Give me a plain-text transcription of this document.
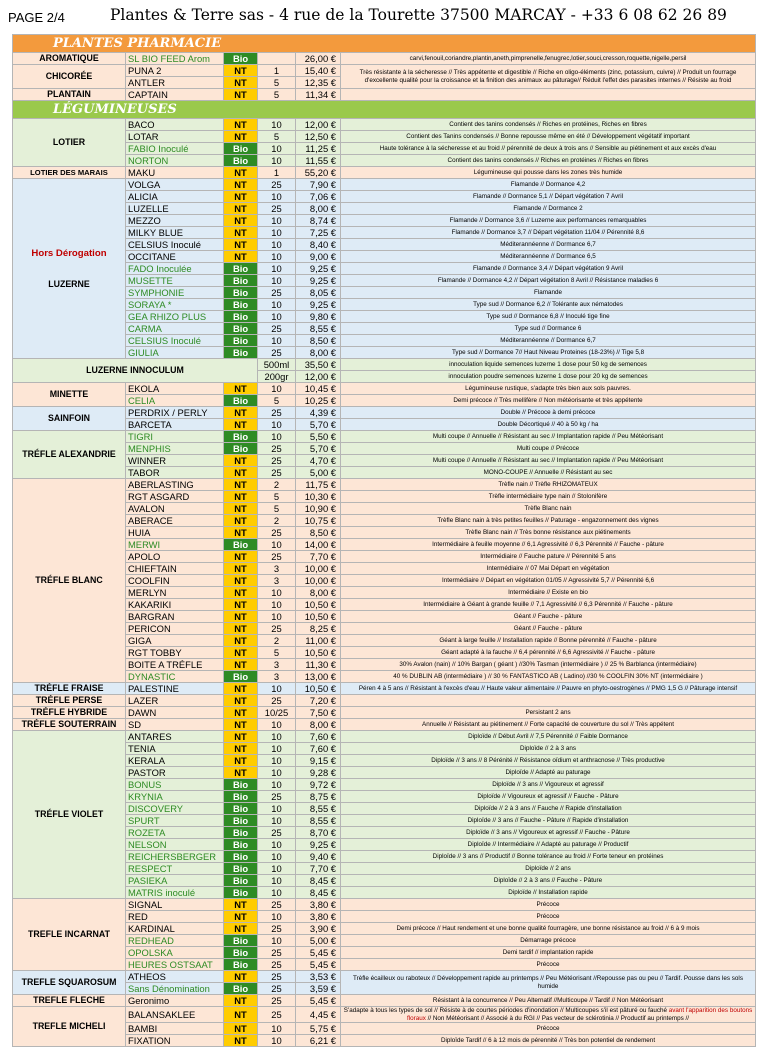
PAGE 2/4	Plantes & Terre sas - 4 rue de la Tourette 37500 MARCAY - +33 6 08 62 26 89
PLANTES PHARMACIE					
AROMATIQUE	SL BIO FEED Arom	Bio		26,00 €	carvi,fenouil,coriandre,plantin,aneth,pimprenelle,fenugrec,lotier,souci,cresson,roquette,nigelle,persil
CHICORÉE	PUNA 2	NT	1	15,40 €	Très résistante à la sécheresse // Très appétente et digestible // Riche en oligo-éléments (zinc, potassium, cuivre) // Produit un fourrage d'excellente qualité pour la croissance et la finition des animaux au pâturage// Réduit l'effet des parasites internes // Résiste au froid
	ANTLER	NT	5	12,35 €	
PLANTAIN	CAPTAIN	NT	5	11,34 €	
LÉGUMINEUSES					
LOTIER	BACO	NT	10	12,00 €	Contient des tanins condensés // Riches en protéines, Riches en fibres
	LOTAR	NT	5	12,50 €	Contient des Tanins condensés // Bonne repousse même en été // Développement végétatif important
	FABIO Inoculé	Bio	10	11,25 €	Haute tolérance à la sécheresse et au froid // pérennité de deux à trois ans // Sensible au piétinement et aux excès d'eau
	NORTON	Bio	10	11,55 €	Contient des tanins condensés // Riches en protéines // Riches en fibres
LOTIER DES MARAIS	MAKU	NT	1	55,20 €	Légumineuse qui pousse dans les zones très humide

Hors Dérogation
LUZERNE	VOLGA	NT	25	7,90 €	Flamande // Dormance 4,2
	ALICIA	NT	10	7,06 €	Flamande // Dormance 5,1 // Départ végétation 7 Avril
	LUZELLE	NT	25	8,00 €	Flamande // Dormance 2
	MEZZO	NT	10	8,74 €	Flamande // Dormance 3,6 // Luzerne aux performances remarquables
	MILKY BLUE	NT	10	7,25 €	Flamande // Dormance 3,7 // Départ végétation 11/04 // Pérennité 8,6
	CELSIUS Inoculé	NT	10	8,40 €	Méditerannéenne // Dormance 6,7
	OCCITANE	NT	10	9,00 €	Méditerannéenne // Dormance 6,5
	FADO Inoculée	Bio	10	9,25 €	Flamande // Dormance 3,4 // Départ végétation 9 Avril
	MUSETTE	Bio	10	9,25 €	Flamande // Dormance 4,2 // Départ végétation 8 Avril // Résistance maladies 6
	SYMPHONIE	Bio	25	8,05 €	Flamande
	SORAYA *	Bio	10	9,25 €	Type sud // Dormance 6,2 // Tolérante aux nématodes
	GEA RHIZO PLUS	Bio	10	9,80 €	Type sud // Dormance 6,8 // Inoculé tige fine
	CARMA	Bio	25	8,55 €	Type sud // Dormance 6
	CELSIUS Inoculé	Bio	10	8,50 €	Méditerannéenne // Dormance 6,7
	GIULIA	Bio	25	8,00 €	Type sud // Dormance 7// Haut Niveau Proteines (18-23%) // Tige 5,8
LUZERNE INNOCULUM			500ml	35,50 €	innoculation liquide semences luzerne 1 dose pour 50 kg de semences
			200gr	12,00 €	innoculation poudre semences luzerne 1 dose pour 20 kg de semences
MINETTE	EKOLA	NT	10	10,45 €	Légumineuse rustique, s'adapte très bien aux sols pauvres.
	CELIA	Bio	5	10,25 €	Demi précoce // Très mellifère // Non météorisante et très appétente
SAINFOIN	PERDRIX / PERLY	NT	25	4,39 €	Double // Précoce à demi précoce
	BARCETA	NT	10	5,70 €	Double Décortiqué // 40 à 50 kg / ha
TRÉFLE ALEXANDRIE	TIGRI	Bio	10	5,50 €	Multi coupe // Annuelle // Résistant au sec // Implantation rapide // Peu Météorisant
	MENPHIS	Bio	25	5,70 €	Multi coupe // Précoce
	WINNER	NT	25	4,70 €	Multi coupe // Annuelle // Résistant au sec // Implantation rapide // Peu Météorisant
	TABOR	NT	25	5,00 €	MONO-COUPE // Annuelle // Résistant au sec
TRÉFLE BLANC	ABERLASTING	NT	2	11,75 €	Trèfle nain // Trèfle RHIZOMATEUX
	RGT ASGARD	NT	5	10,30 €	Trèfle intermédiaire type nain // Stolonifère
	AVALON	NT	5	10,90 €	Trèfle Blanc nain
	ABERACE	NT	2	10,75 €	Trèfle Blanc nain à très petites feuilles // Paturage - engazonnement des vignes
	HUIA	NT	25	8,50 €	Trèfle Blanc nain // Très bonne résistance aux piétinements
	MERWI	Bio	10	14,00 €	Intermédiaire à feuille moyenne // 6,1 Agressivité // 6,3 Pérennité // Fauche - pâture
	APOLO	NT	25	7,70 €	Intermédiaire // Fauche pature // Pérennité 5 ans
	CHIEFTAIN	NT	3	10,00 €	Intermédiaire // 07 Mai Départ en végétation
	COOLFIN	NT	3	10,00 €	Intermédiaire // Départ en végétation 01/05 // Agressivité 5,7 // Pérennité 6,6
	MERLYN	NT	10	8,00 €	Intermédiaire // Existe en bio
	KAKARIKI	NT	10	10,50 €	Intermédiaire à Géant à grande feuille // 7,1 Agressivité // 6,3 Pérennité // Fauche - pâture
	BARGRAN	NT	10	10,50 €	Géant // Fauche - pâture
	PERICON	NT	25	8,25 €	Géant // Fauche - pâture
	GIGA	NT	2	11,00 €	Géant à large feuille // Installation rapide // Bonne pérennité // Fauche - pâture
	RGT TOBBY	NT	5	10,50 €	Géant adapté à la fauche // 6,4 pérennité // 6,6 Agressivité // Fauche - pâture
	BOITE A TRÉFLE	NT	3	11,30 €	30% Avalon (nain) // 10% Bargan ( géant ) //30% Tasman (intermédiaire ) // 25 % Barblanca (intermédiaire)
	DYNASTIC	Bio	3	13,00 €	40 % DUBLIN AB (intermédiaire ) // 30 % FANTASTICO AB ( Ladino) //30 % COOLFIN 30% NT (intermédiaire )
TRÉFLE FRAISE	PALESTINE	NT	10	10,50 €	Péren 4 à 5 ans // Résistant à l'excès d'eau // Haute valeur alimentaire // Pauvre en phyto-oestrogènes // PMG 1,5 G // Pâturage intensif
TRÉFLE PERSE	LAZER	NT	25	7,20 €	
TRÉFLE HYBRIDE	DAWN	NT	10/25	7,50 €	Persistant 2 ans
TRÉFLE SOUTERRAIN	SD	NT	10	8,00 €	Annuelle // Résistant au piétinement // Forte capacité de couverture du sol // Très appétent
TRÉFLE VIOLET	ANTARES	NT	10	7,60 €	Diploïde // Début Avril // 7,5 Pérennité // Faible Dormance
	TENIA	NT	10	7,60 €	Diploïde // 2 à 3 ans
	KERALA	NT	10	9,15 €	Diploïde // 3 ans // 8 Pérénité // Résistance oïdium et anthracnose // Très productive
	PASTOR	NT	10	9,28 €	Diploïde // Adapté au paturage
	BONUS	Bio	10	9,72 €	Diploïde // 3 ans // Vigoureux et agressif
	KRYNIA	Bio	25	8,75 €	Diploïde // Vigoureux et agressif // Fauche - Pâture
	DISCOVERY	Bio	10	8,55 €	Diploïde // 2 à 3 ans // Fauche // Rapide d'installation
	SPURT	Bio	10	8,55 €	Diploïde // 3 ans // Fauche - Pâture // Rapide d'installation
	ROZETA	Bio	25	8,70 €	Diploïde // 3 ans // Vigoureux et agressif // Fauche - Pâture
	NELSON	Bio	10	9,25 €	Diploïde // Intermédiaire // Adapté au paturage // Productif
	REICHERSBERGER	Bio	10	9,40 €	Diploïde // 3 ans // Productif // Bonne tolérance au froid // Forte teneur en protéines
	RESPECT	Bio	10	7,70 €	Diploïde // 2 ans
	PASIEKA	Bio	10	8,45 €	Diploïde // 2 à 3 ans // Fauche - Pâture
	MATRIS inoculé	Bio	10	8,45 €	Diploïde // Installation rapide
TREFLE INCARNAT	SIGNAL	NT	25	3,80 €	Précoce
	RED	NT	10	3,80 €	Précoce
	KARDINAL	NT	25	3,90 €	Demi précoce // Haut rendement et une bonne qualité fourragère, une bonne résistance au froid // 6 à 9 mois
	REDHEAD	Bio	10	5,00 €	Démarrage précoce
	OPOLSKA	Bio	25	5,45 €	Demi tardif // implantation rapide
	HEURES OSTSAAT	Bio	25	5,45 €	Précoce
TREFLE SQUAROSUM	ATHEOS	NT	25	3,53 €	Trèfle écailleux ou raboteux // Développement rapide au printemps // Peu Météorisant //Repousse pas ou peu // Tardif. Pousse dans les sols humide
	Sans Dénomination	Bio	25	3,59 €	
TREFLE FLECHE	Geronimo	NT	25	5,45 €	Résistant à la concurrence // Peu Alternatif //Multicoupe // Tardif // Non Météorisant
TREFLE MICHELI	BALANSAKLEE	NT	25	4,45 €	S'adapte à tous les types de sol // Résiste à de courtes périodes d'inondation // Multicoupes s'il est pâturé ou fauché avant l'apparition des boutons floraux // Non Météorisant // Associé à du RGI // Pas vecteur de sclérotinia // Productif au printemps //
	BAMBI	NT	10	5,75 €	Précoce
	FIXATION	NT	10	6,21 €	Diploïde Tardif // 6 à 12 mois de pérennité // Très bon potentiel de rendement
